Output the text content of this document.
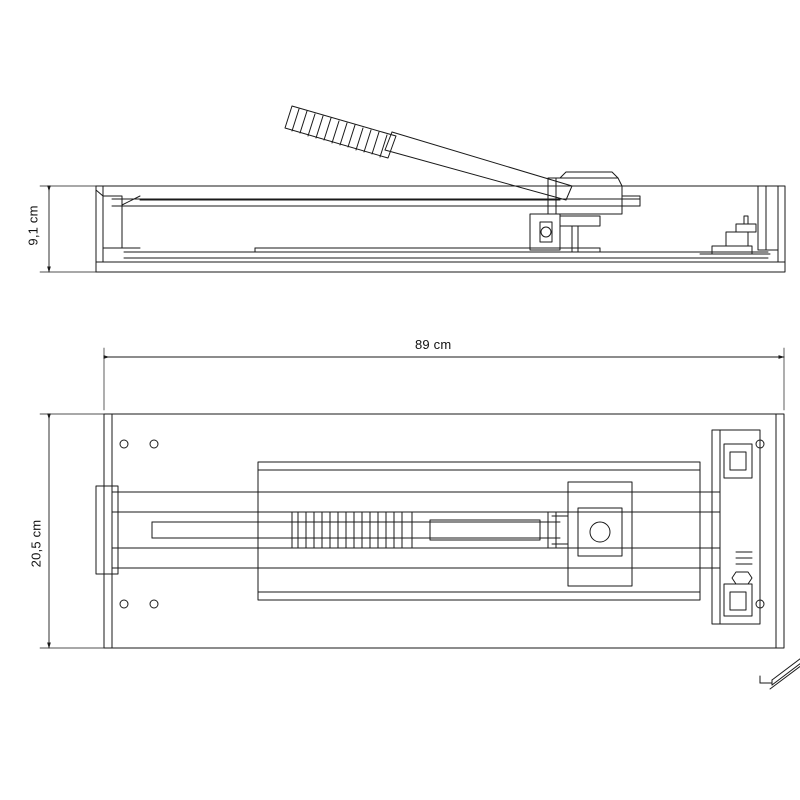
9,1 cm
20,5 cm
89 cm
